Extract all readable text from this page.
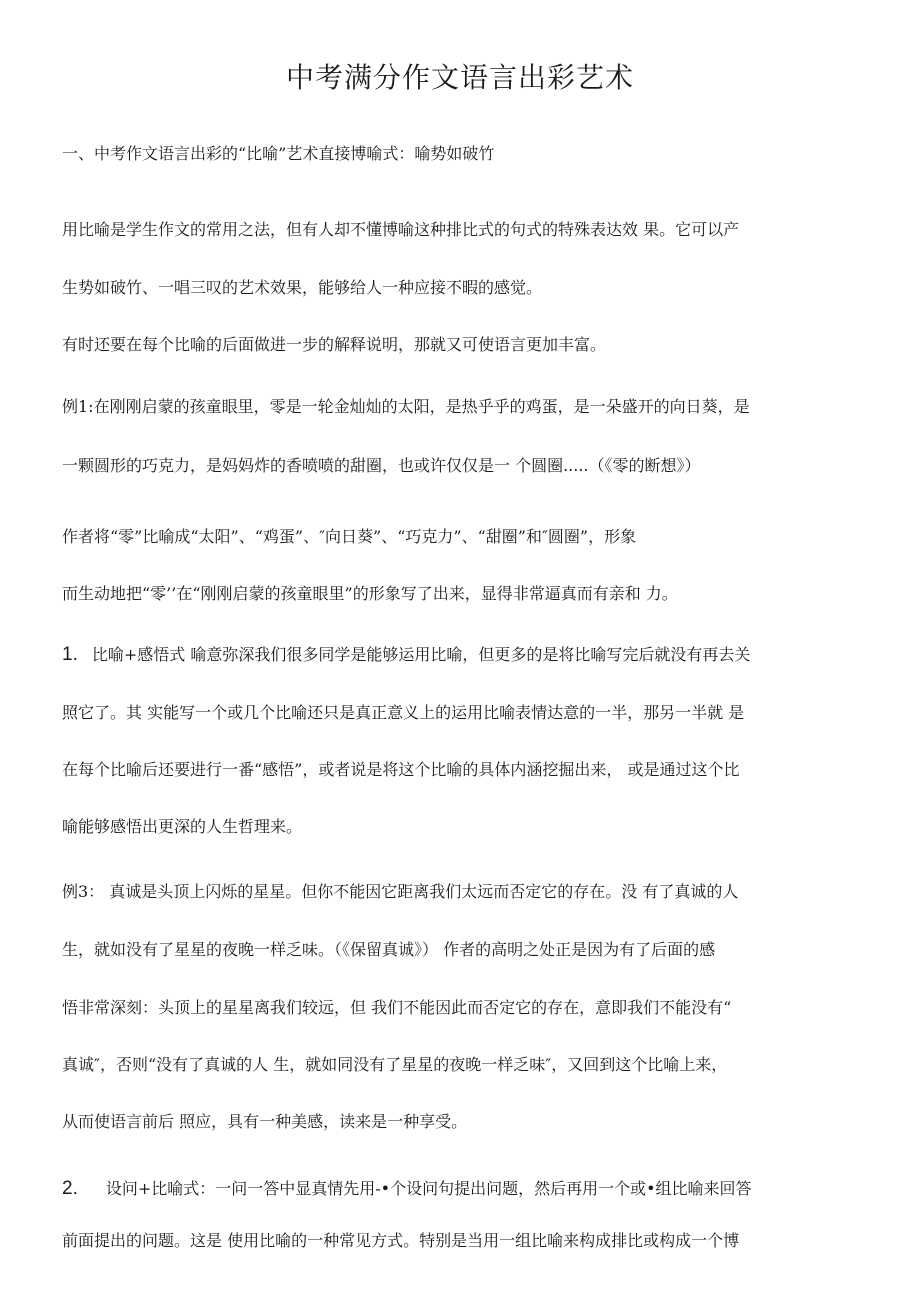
中考满分作文语言出彩艺术
一、中考作文语言出彩的“比喻”艺术直接博喻式：喻势如破竹
用比喻是学生作文的常用之法，但有人却不懂博喻这种排比式的句式的特殊表达效 果。它可以产
生势如破竹、一唱三叹的艺术效果，能够给人一种应接不暇的感觉。
有时还要在每个比喻的后面做进一步的解释说明，那就又可使语言更加丰富。
例1:在刚刚启蒙的孩童眼里，零是一轮金灿灿的太阳，是热乎乎的鸡蛋，是一朵盛开的向日葵，是
一颗圆形的巧克力，是妈妈炸的香喷喷的甜圈，也或许仅仅是一 个圆圈.....（《零的断想》）
作者将“零”比喻成“太阳”、“鸡蛋”、″向日葵”、“巧克力”、“甜圈”和″圆圈”，形象
而生动地把“零’’在“刚刚启蒙的孩童眼里”的形象写了出来，显得非常逼真而有亲和 力。
1. 比喻+感悟式 喻意弥深我们很多同学是能够运用比喻，但更多的是将比喻写完后就没有再去关
照它了。其 实能写一个或几个比喻还只是真正意义上的运用比喻表情达意的一半，那另一半就 是
在每个比喻后还要进行一番“感悟”，或者说是将这个比喻的具体内涵挖掘出来， 或是通过这个比
喻能够感悟出更深的人生哲理来。
例3： 真诚是头顶上闪烁的星星。但你不能因它距离我们太远而否定它的存在。没 有了真诚的人
生，就如没有了星星的夜晚一样乏味。（《保留真诚》） 作者的高明之处正是因为有了后面的感
悟非常深刻：头顶上的星星离我们较远，但 我们不能因此而否定它的存在，意即我们不能没有“
真诚″，否则“没有了真诚的人 生，就如同没有了星星的夜晚一样乏味″，又回到这个比喻上来，
从而使语言前后 照应，具有一种美感，读来是一种享受。
2. 设问+比喻式：一问一答中显真情先用-•个设问句提出问题，然后再用一个或•组比喻来回答
前面提出的问题。这是 使用比喻的一种常见方式。特别是当用一组比喻来构成排比或构成一个博
